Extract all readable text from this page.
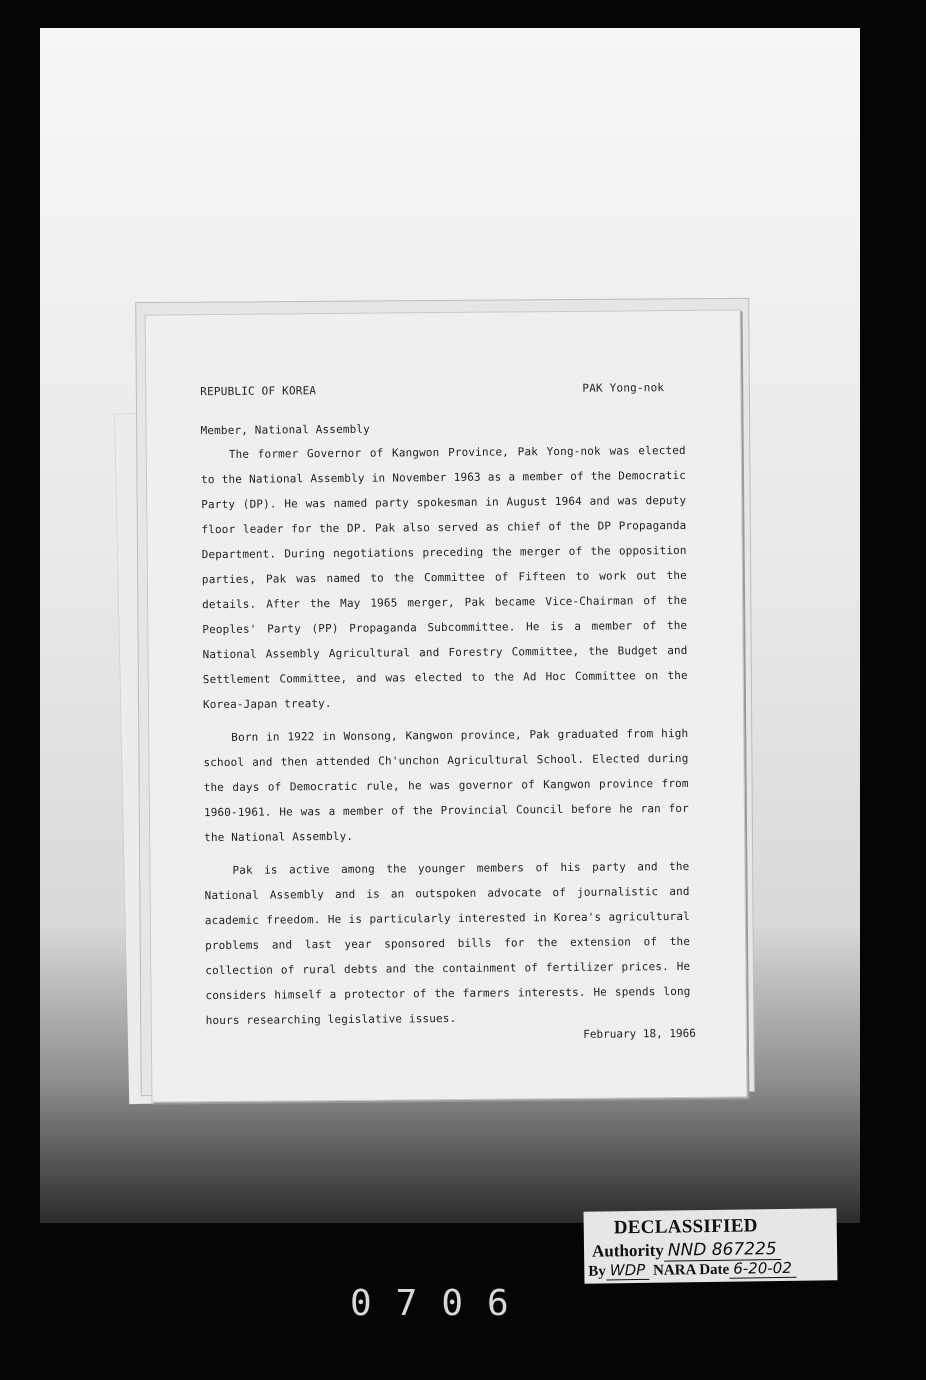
REPUBLIC OF KOREA	PAK Yong-nok

Member, National Assembly

The former Governor of Kangwon Province, Pak Yong-nok was elected to the National Assembly in November 1963 as a member of the Democratic Party (DP). He was named party spokesman in August 1964 and was deputy floor leader for the DP. Pak also served as chief of the DP Propaganda Department. During negotiations preceding the merger of the opposition parties, Pak was named to the Committee of Fifteen to work out the details. After the May 1965 merger, Pak became Vice-Chairman of the Peoples' Party (PP) Propaganda Subcommittee. He is a member of the National Assembly Agricultural and Forestry Committee, the Budget and Settlement Committee, and was elected to the Ad Hoc Committee on the Korea-Japan treaty.

Born in 1922 in Wonsong, Kangwon province, Pak graduated from high school and then attended Ch'unchon Agricultural School. Elected during the days of Democratic rule, he was governor of Kangwon province from 1960-1961. He was a member of the Provincial Council before he ran for the National Assembly.

Pak is active among the younger members of his party and the National Assembly and is an outspoken advocate of journalistic and academic freedom. He is particularly interested in Korea's agricultural problems and last year sponsored bills for the extension of the collection of rural debts and the containment of fertilizer prices. He considers himself a protector of the farmers interests. He spends long hours researching legislative issues.

February 18, 1966
DECLASSIFIED
Authority NND 867225
By WDP NARA Date 6-20-02
0706
